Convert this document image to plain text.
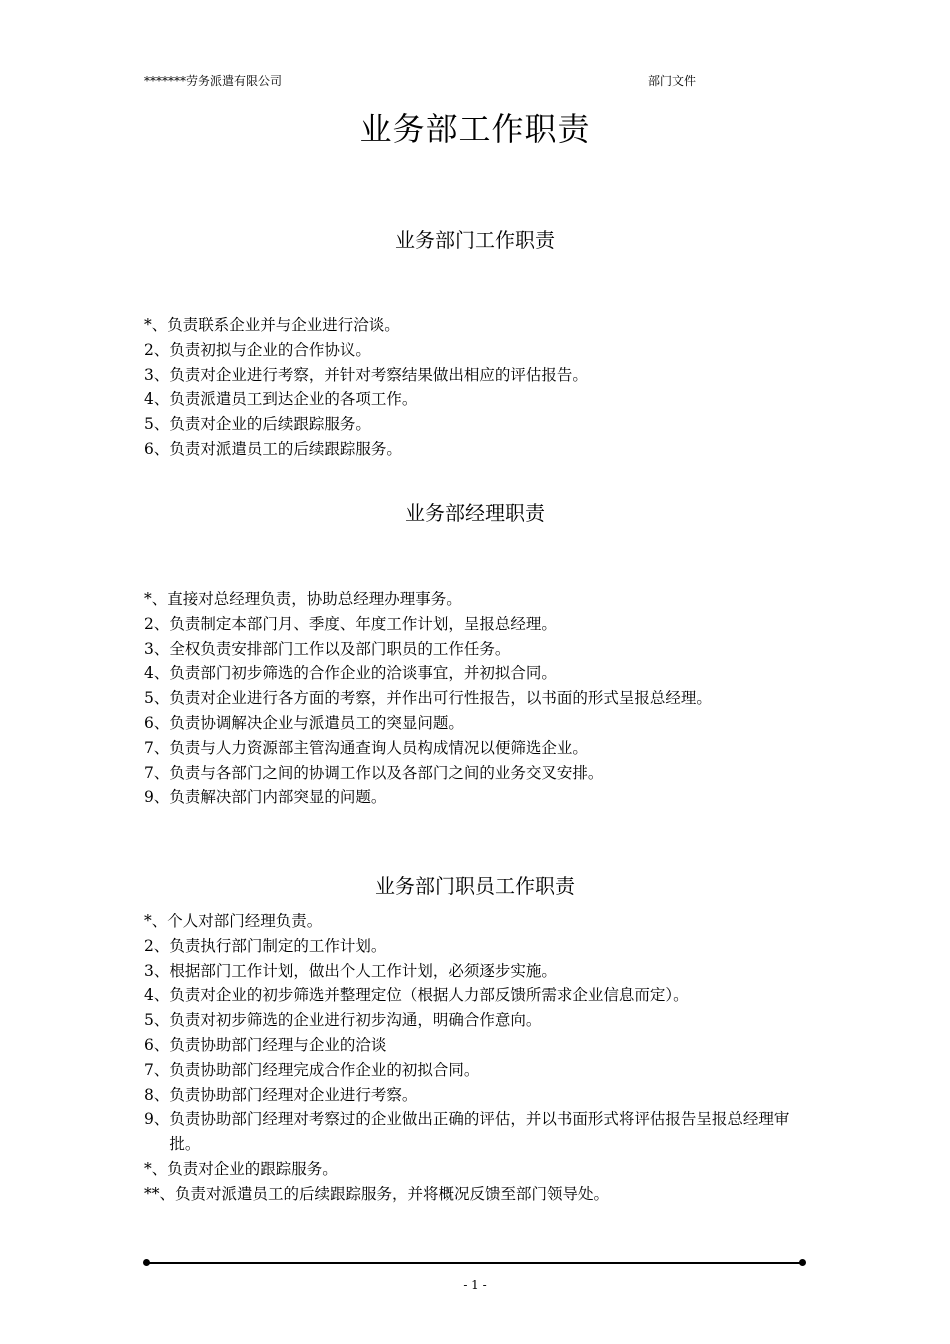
*******劳务派遣有限公司	部门文件
业务部工作职责
业务部门工作职责
*、 负责联系企业并与企业进行洽谈。
2、 负责初拟与企业的合作协议。
3、 负责对企业进行考察，并针对考察结果做出相应的评估报告。
4、 负责派遣员工到达企业的各项工作。
5、 负责对企业的后续跟踪服务。
6、 负责对派遣员工的后续跟踪服务。
业务部经理职责
*、 直接对总经理负责，协助总经理办理事务。
2、 负责制定本部门月、季度、年度工作计划，呈报总经理。
3、 全权负责安排部门工作以及部门职员的工作任务。
4、 负责部门初步筛选的合作企业的洽谈事宜，并初拟合同。
5、 负责对企业进行各方面的考察，并作出可行性报告，以书面的形式呈报总经理。
6、 负责协调解决企业与派遣员工的突显问题。
7、 负责与人力资源部主管沟通查询人员构成情况以便筛选企业。
7、 负责与各部门之间的协调工作以及各部门之间的业务交叉安排。
9、 负责解决部门内部突显的问题。
业务部门职员工作职责
*、 个人对部门经理负责。
2、 负责执行部门制定的工作计划。
3、 根据部门工作计划，做出个人工作计划，必须逐步实施。
4、 负责对企业的初步筛选并整理定位（根据人力部反馈所需求企业信息而定）。
5、 负责对初步筛选的企业进行初步沟通，明确合作意向。
6、 负责协助部门经理与企业的洽谈
7、 负责协助部门经理完成合作企业的初拟合同。
8、 负责协助部门经理对企业进行考察。
9、 负责协助部门经理对考察过的企业做出正确的评估，并以书面形式将评估报告呈报总经理审批。
*、 负责对企业的跟踪服务。
**、 负责对派遣员工的后续跟踪服务，并将概况反馈至部门领导处。
- 1 -
